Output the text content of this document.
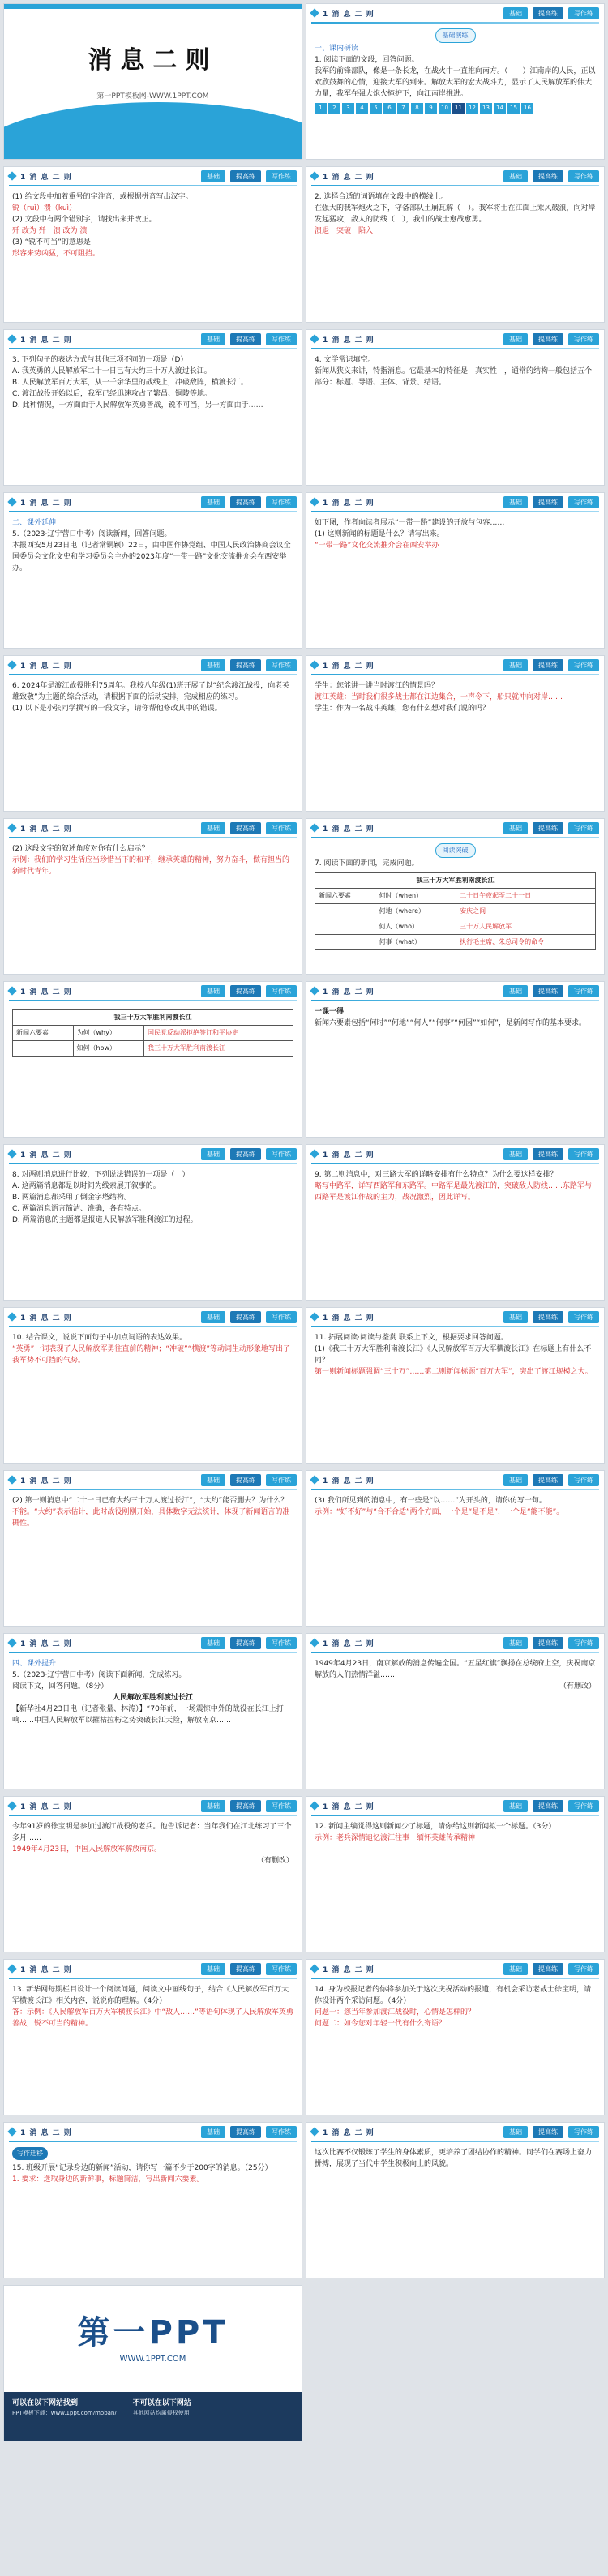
消息二则
第一PPT模板网-WWW.1PPT.COM
1 消 息 二 则	基础	提高练	写作练
基础演练
一、课内研读
1. 阅读下面的文段，回答问题。
我军的前锋部队，像是一条长龙，在战火中一直推向南方。（　　）江南岸的人民，正以欢欣鼓舞的心情，迎接大军的到来。解放大军的宏大战斗力，显示了人民解放军的伟大力量，我军在强大炮火掩护下，向江南岸推进。
1	2	3	4	5	6	7	8	9	10	11	12	13	14	15	16
1 消 息 二 则	基础	提高练	写作练
(1) 给文段中加着重号的字注音，或根据拼音写出汉字。
锐（ruì）溃（kuì）
(2) 文段中有两个错别字，请找出来并改正。
歼 改为 歼　溃 改为 溃
(3) “锐不可当”的意思是
形容来势凶猛，不可阻挡。
1 消 息 二 则	基础	提高练	写作练
2. 选择合适的词语填在文段中的横线上。
在强大的我军炮火之下，守备部队土崩瓦解（　）。我军将士在江面上乘风破浪，向对岸发起猛攻，敌人的防线（　），我们的战士愈战愈勇。
溃退　突破　陷入
1 消 息 二 则	基础	提高练	写作练
3. 下列句子的表达方式与其他三项不同的一项是（D）
A. 我英勇的人民解放军二十一日已有大约三十万人渡过长江。
B. 人民解放军百万大军，从一千余华里的战线上，冲破敌阵，横渡长江。
C. 渡江战役开始以后，我军已经迅速攻占了繁昌、铜陵等地。
D. 此种情况，一方面由于人民解放军英勇善战，锐不可当，另一方面由于……
1 消 息 二 则	基础	提高练	写作练
4. 文学常识填空。
新闻从狭义来讲，特指消息。它最基本的特征是　真实性　，通常的结构一般包括五个部分：标题、导语、主体、背景、结语。
1 消 息 二 则	基础	提高练	写作练
二、课外延伸
5.（2023·辽宁营口中考）阅读新闻，回答问题。
本报西安5月23日电（记者常铜颖）22日，由中国作协党组、中国人民政治协商会议全国委员会文化文史和学习委员会主办的2023年度“一带一路”文化交流推介会在西安举办。
1 消 息 二 则	基础	提高练	写作练
如下图，作者向读者展示“一带一路”建设的开放与包容……
(1) 这则新闻的标题是什么？请写出来。
“一带一路”文化交流推介会在西安举办
1 消 息 二 则	基础	提高练	写作练
6. 2024年是渡江战役胜利75周年。我校八年级(1)班开展了以“纪念渡江战役，向老英雄致敬”为主题的综合活动，请根据下面的活动安排，完成相应的练习。
(1) 以下是小张同学撰写的一段文字，请你帮他修改其中的错误。
1 消 息 二 则	基础	提高练	写作练
学生：您能讲一讲当时渡江的情景吗？
渡江英雄：当时我们很多战士都在江边集合，一声令下，船只就冲向对岸……
学生：作为一名战斗英雄，您有什么想对我们说的吗？
1 消 息 二 则	基础	提高练	写作练
(2) 这段文字的叙述角度对你有什么启示？
示例：我们的学习生活应当珍惜当下的和平，继承英雄的精神，努力奋斗，做有担当的新时代青年。
1 消 息 二 则	基础	提高练	写作练
阅读突破
7. 阅读下面的新闻，完成问题。
我三十万大军胜利南渡长江		
新闻六要素	何时（when）	二十日午夜起至二十一日
	何地（where）	安庆之间
	何人（who）	三十万人民解放军
	何事（what）	执行毛主席、朱总司令的命令
1 消 息 二 则	基础	提高练	写作练
我三十万大军胜利南渡长江		
新闻六要素	为何（why）	国民党反动派拒绝签订和平协定
	如何（how）	我三十万大军胜利南渡长江
1 消 息 二 则	基础	提高练	写作练
一课一得
新闻六要素包括“何时”“何地”“何人”“何事”“何因”“如何”，是新闻写作的基本要求。
1 消 息 二 则	基础	提高练	写作练
8. 对两则消息进行比较，下列说法错误的一项是（　）
A. 这两篇消息都是以时间为线索展开叙事的。
B. 两篇消息都采用了倒金字塔结构。
C. 两篇消息语言简洁、准确，各有特点。
D. 两篇消息的主题都是报道人民解放军胜利渡江的过程。
1 消 息 二 则	基础	提高练	写作练
9. 第二则消息中，对三路大军的详略安排有什么特点？为什么要这样安排？
略写中路军，详写西路军和东路军。中路军是最先渡江的，突破敌人防线……东路军与西路军是渡江作战的主力，战况激烈，因此详写。
1 消 息 二 则	基础	提高练	写作练
10. 结合课文，说说下面句子中加点词语的表达效果。
“英勇”一词表现了人民解放军勇往直前的精神；“冲破”“横渡”等动词生动形象地写出了我军势不可挡的气势。
1 消 息 二 则	基础	提高练	写作练
11. 拓展阅读·阅读与鉴赏 联系上下文，根据要求回答问题。
(1)《我三十万大军胜利南渡长江》《人民解放军百万大军横渡长江》在标题上有什么不同？
第一则新闻标题强调“三十万”……第二则新闻标题“百万大军”，突出了渡江规模之大。
1 消 息 二 则	基础	提高练	写作练
(2) 第一则消息中“二十一日已有大约三十万人渡过长江”，“大约”能否删去？为什么？
不能。“大约”表示估计，此时战役刚刚开始，具体数字无法统计，体现了新闻语言的准确性。
1 消 息 二 则	基础	提高练	写作练
(3) 我们所见到的消息中，有一些是“以……”为开头的，请你仿写一句。
示例：“好不好”与“合不合适”两个方面，一个是“是不是”，一个是“能不能”。
1 消 息 二 则	基础	提高练	写作练
四、课外提升
5.（2023·辽宁营口中考）阅读下面新闻，完成练习。
阅读下文，回答问题。（8分）
人民解放军胜利渡过长江
【新华社4月23日电（记者张量、林涛）】“70年前，一场震惊中外的战役在长江上打响……中国人民解放军以摧枯拉朽之势突破长江天险，解放南京……
1 消 息 二 则	基础	提高练	写作练
1949年4月23日，南京解放的消息传遍全国。“五星红旗”飘扬在总统府上空，庆祝南京解放的人们热情洋溢……
（有删改）
1 消 息 二 则	基础	提高练	写作练
今年91岁的徐宝明是参加过渡江战役的老兵。他告诉记者：当年我们在江北练习了三个多月……
1949年4月23日，中国人民解放军解放南京。
（有删改）
1 消 息 二 则	基础	提高练	写作练
12. 新闻主编觉得这则新闻少了标题，请你给这则新闻拟一个标题。（3分）
示例：老兵深情追忆渡江往事　缅怀英雄传承精神
1 消 息 二 则	基础	提高练	写作练
13. 新华网每期栏目设计一个阅读问题，阅读文中画线句子，结合《人民解放军百万大军横渡长江》相关内容，说说你的理解。（4分）
答：示例：《人民解放军百万大军横渡长江》中“敌人……”等语句体现了人民解放军英勇善战，锐不可当的精神。
1 消 息 二 则	基础	提高练	写作练
14. 身为校报记者的你将参加关于这次庆祝活动的报道，有机会采访老战士徐宝明，请你设计两个采访问题。（4分）
问题一：您当年参加渡江战役时，心情是怎样的？
问题二：如今您对年轻一代有什么寄语？
1 消 息 二 则	基础	提高练	写作练
写作迁移
15. 班级开展“记录身边的新闻”活动，请你写一篇不少于200字的消息。（25分）
1. 要求：选取身边的新鲜事，标题简洁，写出新闻六要素。
1 消 息 二 则	基础	提高练	写作练
这次比赛不仅锻炼了学生的身体素质，更培养了团结协作的精神。同学们在赛场上奋力拼搏，展现了当代中学生积极向上的风貌。
第一PPT
WWW.1PPT.COM
可以在以下网站找到
PPT模板下载：www.1ppt.com/moban/
不可以在以下网站
其他网站均属侵权使用
